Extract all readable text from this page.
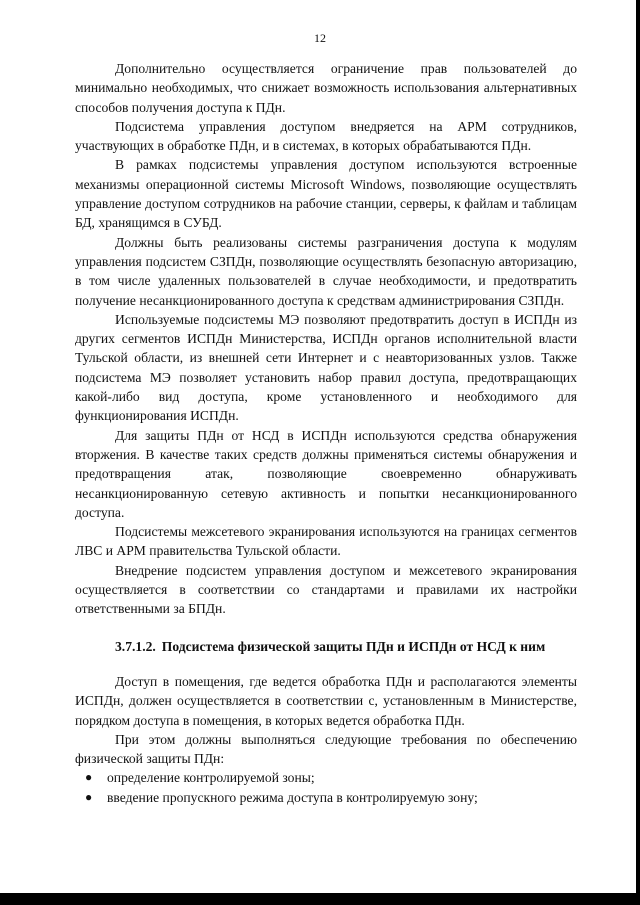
12

Дополнительно осуществляется ограничение прав пользователей до минимально необходимых, что снижает возможность использования альтернативных способов получения доступа к ПДн.

Подсистема управления доступом внедряется на АРМ сотрудников, участвующих в обработке ПДн, и в системах, в которых обрабатываются ПДн.

В рамках подсистемы управления доступом используются встроенные механизмы операционной системы Microsoft Windows, позволяющие осуществлять управление доступом сотрудников на рабочие станции, серверы, к файлам и таблицам БД, хранящимся в СУБД.

Должны быть реализованы системы разграничения доступа к модулям управления подсистем СЗПДн, позволяющие осуществлять безопасную авторизацию, в том числе удаленных пользователей в случае необходимости, и предотвратить получение несанкционированного доступа к средствам администрирования СЗПДн.

Используемые подсистемы МЭ позволяют предотвратить доступ в ИСПДн из других сегментов ИСПДн Министерства, ИСПДн органов исполнительной власти Тульской области, из внешней сети Интернет и с неавторизованных узлов. Также подсистема МЭ позволяет установить набор правил доступа, предотвращающих какой-либо вид доступа, кроме установленного и необходимого для функционирования ИСПДн.

Для защиты ПДн от НСД в ИСПДн используются средства обнаружения вторжения. В качестве таких средств должны применяться системы обнаружения и предотвращения атак, позволяющие своевременно обнаруживать несанкционированную сетевую активность и попытки несанкционированного доступа.

Подсистемы межсетевого экранирования используются на границах сегментов ЛВС и АРМ правительства Тульской области.

Внедрение подсистем управления доступом и межсетевого экранирования осуществляется в соответствии со стандартами и правилами их настройки ответственными за БПДн.

3.7.1.2. Подсистема физической защиты ПДн и ИСПДн от НСД к ним

Доступ в помещения, где ведется обработка ПДн и располагаются элементы ИСПДн, должен осуществляется в соответствии с, установленным в Министерстве, порядком доступа в помещения, в которых ведется обработка ПДн.

При этом должны выполняться следующие требования по обеспечению физической защиты ПДн:

● определение контролируемой зоны;
● введение пропускного режима доступа в контролируемую зону;
